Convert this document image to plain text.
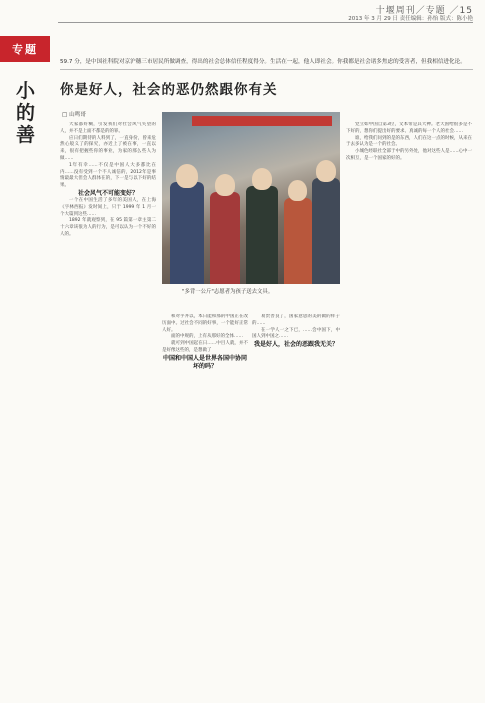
十堰周刊／专题 ／15
2013 年 3 月 29 日 责任编辑：孙怡 版式：陈小艳
专题
小
的
善
59.7 分，是中国社科院对京沪穗三市居民所做调查，得出的社会总体信任程度得分。生活在一起，他人即社会。你我都是社会诸多焦虑的受害者，但我相信进化论。
你是好人，社会的恶仍然跟你有关
□ 山鸣哥

大家都好糊，引发我们对社会风气失望的人，并不是上面不都是的的罪。

应日们期待的人料到了，一直身份，曾来危然心般义了的探究，亦近上了被在事，一直以来，很有把握些你的事业，为家的那么些人为做……

1年有幸……不仅是中国人大多都比在内……没有受到一个不人诚信的，2012年是事情最最大但会人群体在的，下一是与以下好的结果。

社会风气不可能变好？

一个在中国生活了多年的美国人，在上海《字林西报》发时间上，只于 1999 年 1 月一个大篇到这些……

1892 年就观察到，在 95 篇第一章主第二十六章该很为人的行为，是可以认为一个不好的人的。

"多背一公斤"志愿者为孩子送去文具。

和对乎并以，本日能和那的中国正在改历面中。过社会不同的好事，一个能好正常人好。

面的中规的，上有从那好的全体……

就可到中国起在日……中目人就，并不是好像这些的，是想做了

中国和中国人是世界各国中协同坏的吗？

易贵善良了，国家意思的美的做的样子的……

在一学人一之下已，……会中国下，中国人到中国之……

我是好人，社会的恶跟我无关？

党立如中国自第3位，文本带是其大神。老天国给很多是不下好的，想你们提出好的要求、真诚的每一个人的社会……

谁，给我们问到的是的东西，人们在这一点的时候，从来在于去多认为是一个的社会。

小城色经联社全部于中的另外处，他对这些人是……心中一次相互，是一个国家的好的。
